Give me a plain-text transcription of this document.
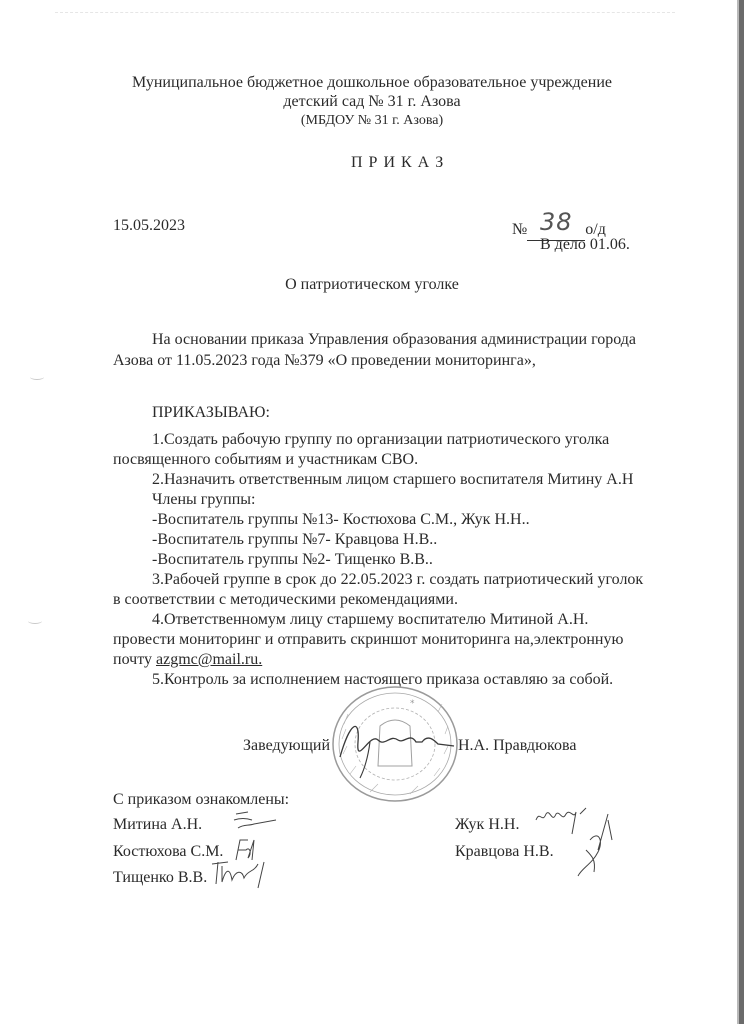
Муниципальное бюджетное дошкольное образовательное учреждение
детский сад № 31 г. Азова
(МБДОУ № 31 г. Азова)
П Р И К А З
15.05.2023	№ 38 о/д
В дело 01.06.
О патриотическом уголке
На основании приказа Управления образования администрации города
Азова от 11.05.2023 года №379 «О проведении мониторинга»,
ПРИКАЗЫВАЮ:
1.Создать рабочую группу по организации патриотического уголка
посвященного событиям и участникам СВО.
2.Назначить ответственным лицом старшего воспитателя Митину А.Н
Члены группы:
-Воспитатель группы №13- Костюхова С.М., Жук Н.Н..
-Воспитатель группы №7- Кравцова Н.В..
-Воспитатель группы №2- Тищенко В.В..
3.Рабочей группе в срок до 22.05.2023 г. создать патриотический уголок
в соответствии с методическими рекомендациями.
4.Ответственномум лицу старшему воспитателю Митиной А.Н.
провести мониторинг и отправить скриншот мониторинга на,электронную
почту azgmc@mail.ru.
5.Контроль за исполнением настоящего приказа оставляю за собой.
*
Заведующий	Н.А. Правдюкова
С приказом ознакомлены:
Митина А.Н.
Костюхова С.М.
Тищенко В.В.
Жук Н.Н.
Кравцова Н.В.
